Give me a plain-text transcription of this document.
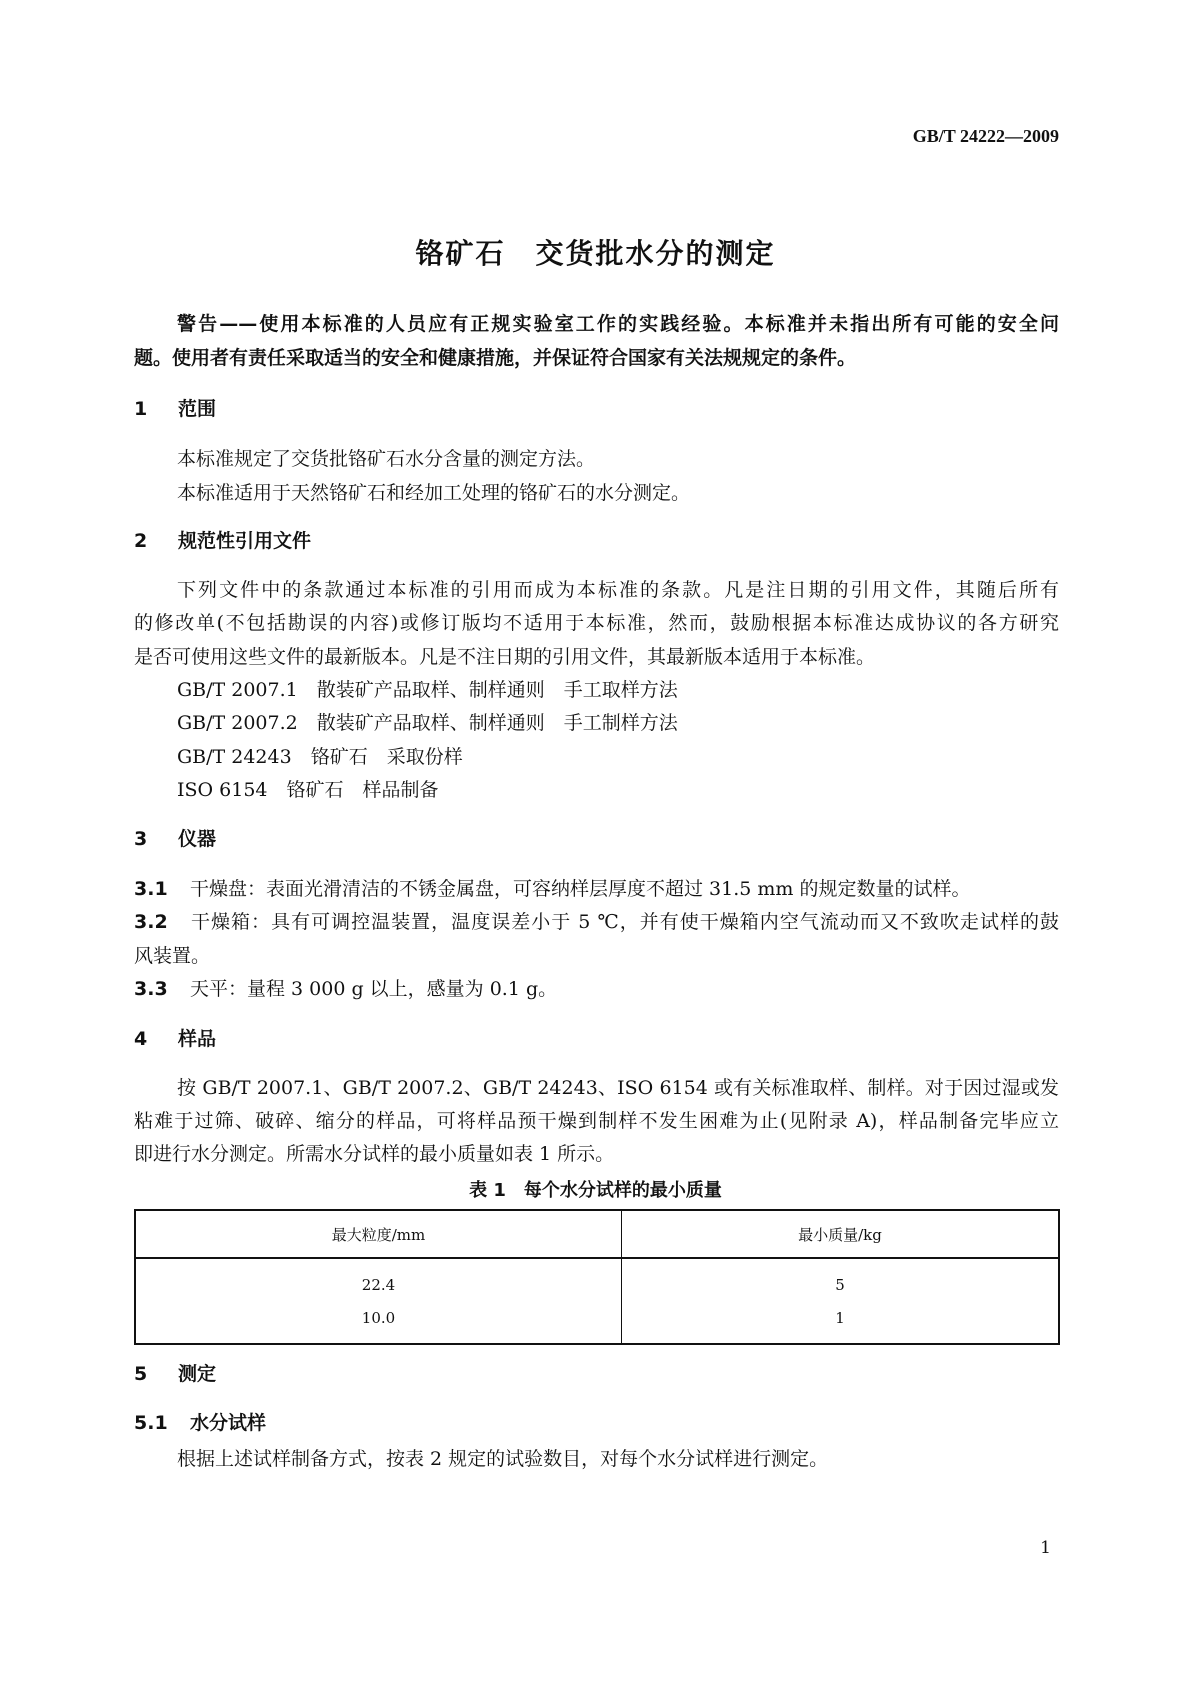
GB/T 24222—2009
铬矿石　交货批水分的测定
警告——使用本标准的人员应有正规实验室工作的实践经验。本标准并未指出所有可能的安全问
题。使用者有责任采取适当的安全和健康措施，并保证符合国家有关法规规定的条件。
1 范围
本标准规定了交货批铬矿石水分含量的测定方法。
本标准适用于天然铬矿石和经加工处理的铬矿石的水分测定。
2 规范性引用文件
下列文件中的条款通过本标准的引用而成为本标准的条款。凡是注日期的引用文件，其随后所有
的修改单(不包括勘误的内容)或修订版均不适用于本标准，然而，鼓励根据本标准达成协议的各方研究
是否可使用这些文件的最新版本。凡是不注日期的引用文件，其最新版本适用于本标准。
GB/T 2007.1　散装矿产品取样、制样通则　手工取样方法
GB/T 2007.2　散装矿产品取样、制样通则　手工制样方法
GB/T 24243　铬矿石　采取份样
ISO 6154　铬矿石　样品制备
3 仪器
3.1 干燥盘：表面光滑清洁的不锈金属盘，可容纳样层厚度不超过 31.5 mm 的规定数量的试样。
3.2 干燥箱：具有可调控温装置，温度误差小于 5 ℃，并有使干燥箱内空气流动而又不致吹走试样的鼓
风装置。
3.3 天平：量程 3 000 g 以上，感量为 0.1 g。
4 样品
按 GB/T 2007.1、GB/T 2007.2、GB/T 24243、ISO 6154 或有关标准取样、制样。对于因过湿或发
粘难于过筛、破碎、缩分的样品，可将样品预干燥到制样不发生困难为止(见附录 A)，样品制备完毕应立
即进行水分测定。所需水分试样的最小质量如表 1 所示。
表 1　每个水分试样的最小质量
最大粒度/mm	最小质量/kg
22.4	5
10.0	1
5 测定
5.1 水分试样
根据上述试样制备方式，按表 2 规定的试验数目，对每个水分试样进行测定。
1
